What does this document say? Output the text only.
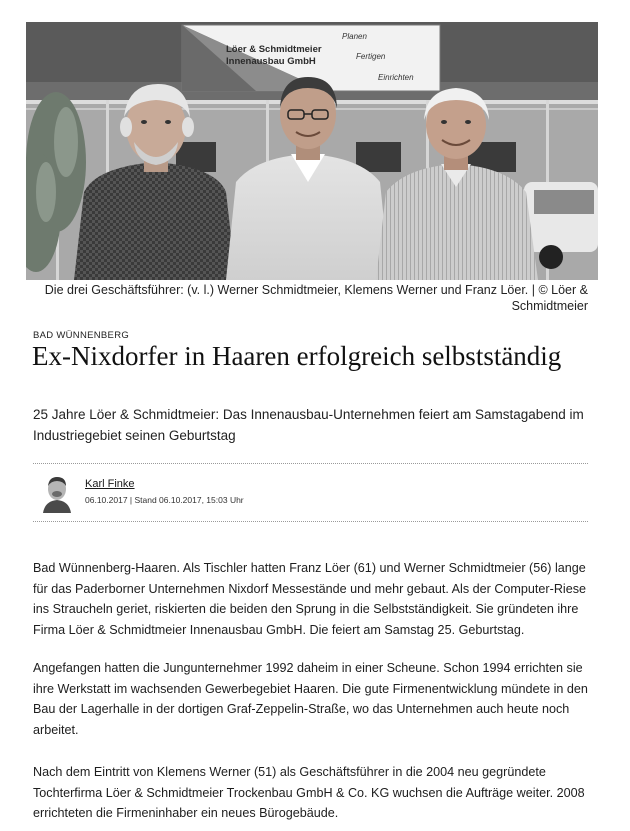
Löer & Schmidtmeier
Innenausbau GmbH
Planen
Fertigen
Einrichten
Die drei Geschäftsführer: (v. l.) Werner Schmidtmeier, Klemens Werner und Franz Löer. | © Löer & Schmidtmeier
BAD WÜNNENBERG
Ex-Nixdorfer in Haaren erfolgreich selbstständig

25 Jahre Löer & Schmidtmeier: Das Innenausbau-Unternehmen feiert am Samstagabend im Industriegebiet seinen Geburtstag

Karl Finke
06.10.2017 | Stand 06.10.2017, 15:03 Uhr

Bad Wünnenberg-Haaren. Als Tischler hatten Franz Löer (61) und Werner Schmidtmeier (56) lange für das Paderborner Unternehmen Nixdorf Messestände und mehr gebaut. Als der Computer-Riese ins Straucheln geriet, riskierten die beiden den Sprung in die Selbstständigkeit. Sie gründeten ihre Firma Löer & Schmidtmeier Innenausbau GmbH. Die feiert am Samstag 25. Geburtstag.

Angefangen hatten die Jungunternehmer 1992 daheim in einer Scheune. Schon 1994 errichten sie ihre Werkstatt im wachsenden Gewerbegebiet Haaren. Die gute Firmenentwicklung mündete in den Bau der Lagerhalle in der dortigen Graf-Zeppelin-Straße, wo das Unternehmen auch heute noch arbeitet.

Nach dem Eintritt von Klemens Werner (51) als Geschäftsführer in die 2004 neu gegründete Tochterfirma Löer & Schmidtmeier Trockenbau GmbH & Co. KG wuchsen die Aufträge weiter. 2008 errichteten die Firmeninhaber ein neues Bürogebäude.
